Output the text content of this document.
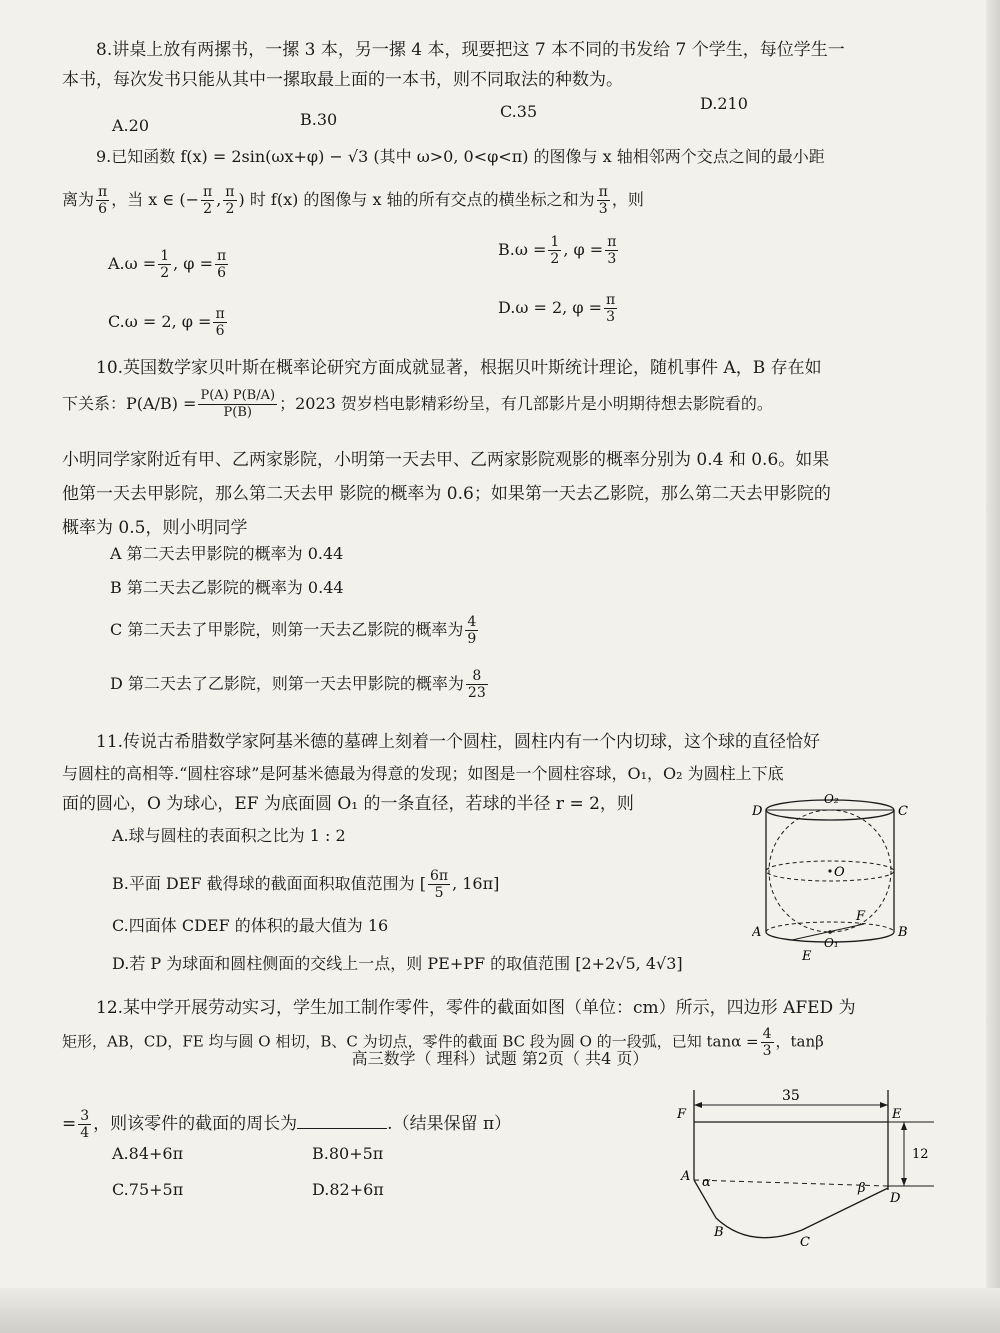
8.讲桌上放有两摞书，一摞 3 本，另一摞 4 本，现要把这 7 本不同的书发给 7 个学生，每位学生一
本书，每次发书只能从其中一摞取最上面的一本书，则不同取法的种数为。
A.20	B.30	C.35	D.210
9.已知函数 f(x) = 2sin(ωx+φ) − √3 (其中 ω>0, 0<φ<π) 的图像与 x 轴相邻两个交点之间的最小距
离为 $\frac{\pi}{6}$ ，当 x ∈ (− $\frac{\pi}{2}$ , $\frac{\pi}{2}$ ) 时 f(x) 的图像与 x 轴的所有交点的横坐标之和为 $\frac{\pi}{3}$ ，则
$A.\omega = \frac{1}{2}$ , $\varphi = \frac{\pi}{6}$	$B.\omega = \frac{1}{2}$ , $\varphi = \frac{\pi}{3}$
C.ω = 2, $\varphi = \frac{\pi}{6}$	D.ω = 2, $\varphi = \frac{\pi}{3}$
10.英国数学家贝叶斯在概率论研究方面成就显著，根据贝叶斯统计理论，随机事件 A，B 存在如
下关系：$P(A/B) = \frac{P(A) P(B/A)}{P(B)}$ ；2023 贺岁档电影精彩纷呈，有几部影片是小明期待想去影院看的。
小明同学家附近有甲、乙两家影院，小明第一天去甲、乙两家影院观影的概率分别为 0.4 和 0.6。如果
他第一天去甲影院，那么第二天去甲 影院的概率为 0.6；如果第一天去乙影院，那么第二天去甲影院的
概率为 0.5，则小明同学
A 第二天去甲影院的概率为 0.44
B 第二天去乙影院的概率为 0.44
C 第二天去了甲影院，则第一天去乙影院的概率为 $\frac{4}{9}$
D 第二天去了乙影院，则第一天去甲影院的概率为 $\frac{8}{23}$
11.传说古希腊数学家阿基米德的墓碑上刻着一个圆柱，圆柱内有一个内切球，这个球的直径恰好
与圆柱的高相等.“圆柱容球”是阿基米德最为得意的发现；如图是一个圆柱容球，O₁，O₂ 为圆柱上下底
面的圆心，O 为球心，EF 为底面圆 O₁ 的一条直径，若球的半径 r = 2，则
A.球与圆柱的表面积之比为 1 : 2
B.平面 DEF 截得球的截面面积取值范围为 [ $\frac{6\pi}{5}$ , 16π]
C.四面体 CDEF 的体积的最大值为 16
D.若 P 为球面和圆柱侧面的交线上一点，则 PE+PF 的取值范围 [2+2√5, 4√3]
D
O₂
C
O
F
A
O₁
B
E
12.某中学开展劳动实习，学生加工制作零件，零件的截面如图（单位：cm）所示，四边形 AFED 为
矩形，AB，CD，FE 均与圆 O 相切，B、C 为切点，零件的截面 BC 段为圆 O 的一段弧，已知 $\tan\alpha = \frac{4}{3}$ ，tanβ
= $\frac{3}{4}$ ，则该零件的截面的周长为	.（结果保留 π）
A.84+6π	B.80+5π
C.75+5π	D.82+6π
F	E
35
12
A α	β
D
B
C
高三数学（ 理科）试题 第2页（ 共4 页）
